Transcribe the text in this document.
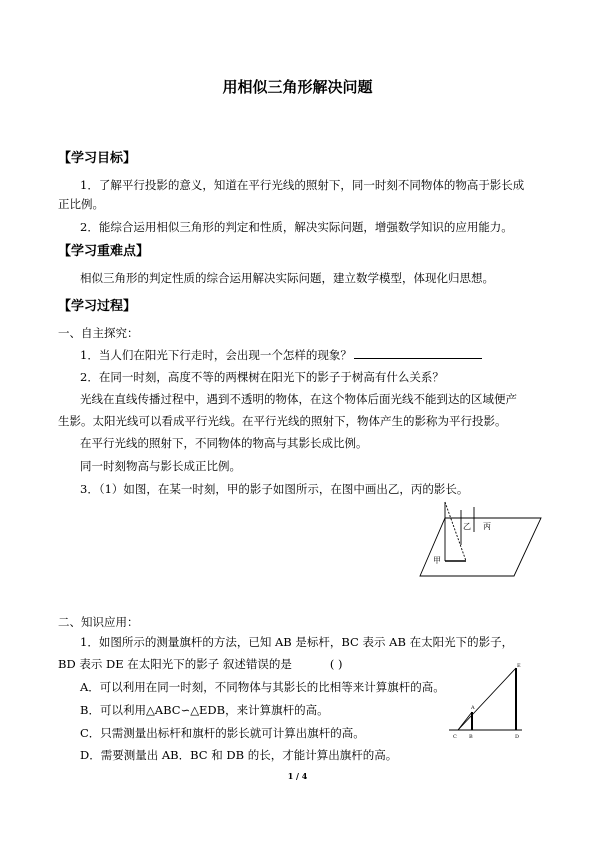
用相似三角形解决问题
【学习目标】
1．了解平行投影的意义，知道在平行光线的照射下，同一时刻不同物体的物高于影长成
正比例。
2．能综合运用相似三角形的判定和性质，解决实际问题，增强数学知识的应用能力。
【学习重难点】
相似三角形的判定性质的综合运用解决实际问题，建立数学模型，体现化归思想。
【学习过程】
一、自主探究：
1．当人们在阳光下行走时，会出现一个怎样的现象？
2．在同一时刻，高度不等的两棵树在阳光下的影子于树高有什么关系？
光线在直线传播过程中，遇到不透明的物体，在这个物体后面光线不能到达的区域便产
生影。太阳光线可以看成平行光线。在平行光线的照射下，物体产生的影称为平行投影。
在平行光线的照射下，不同物体的物高与其影长成比例。
同一时刻物高与影长成正比例。
3．（1）如图，在某一时刻，甲的影子如图所示，在图中画出乙，丙的影长。
甲
乙 丙
二、知识应用：
1．如图所示的测量旗杆的方法，已知 AB 是标杆，BC 表示 AB 在太阳光下的影子，
BD 表示 DE 在太阳光下的影子 叙述错误的是	( )
A．可以利用在同一时刻，不同物体与其影长的比相等来计算旗杆的高。
B．可以利用△ABC∽△EDB，来计算旗杆的高。
C．只需测量出标杆和旗杆的影长就可计算出旗杆的高。
D．需要测量出 AB．BC 和 DB 的长，才能计算出旗杆的高。
E
A
C B	D
1 / 4
